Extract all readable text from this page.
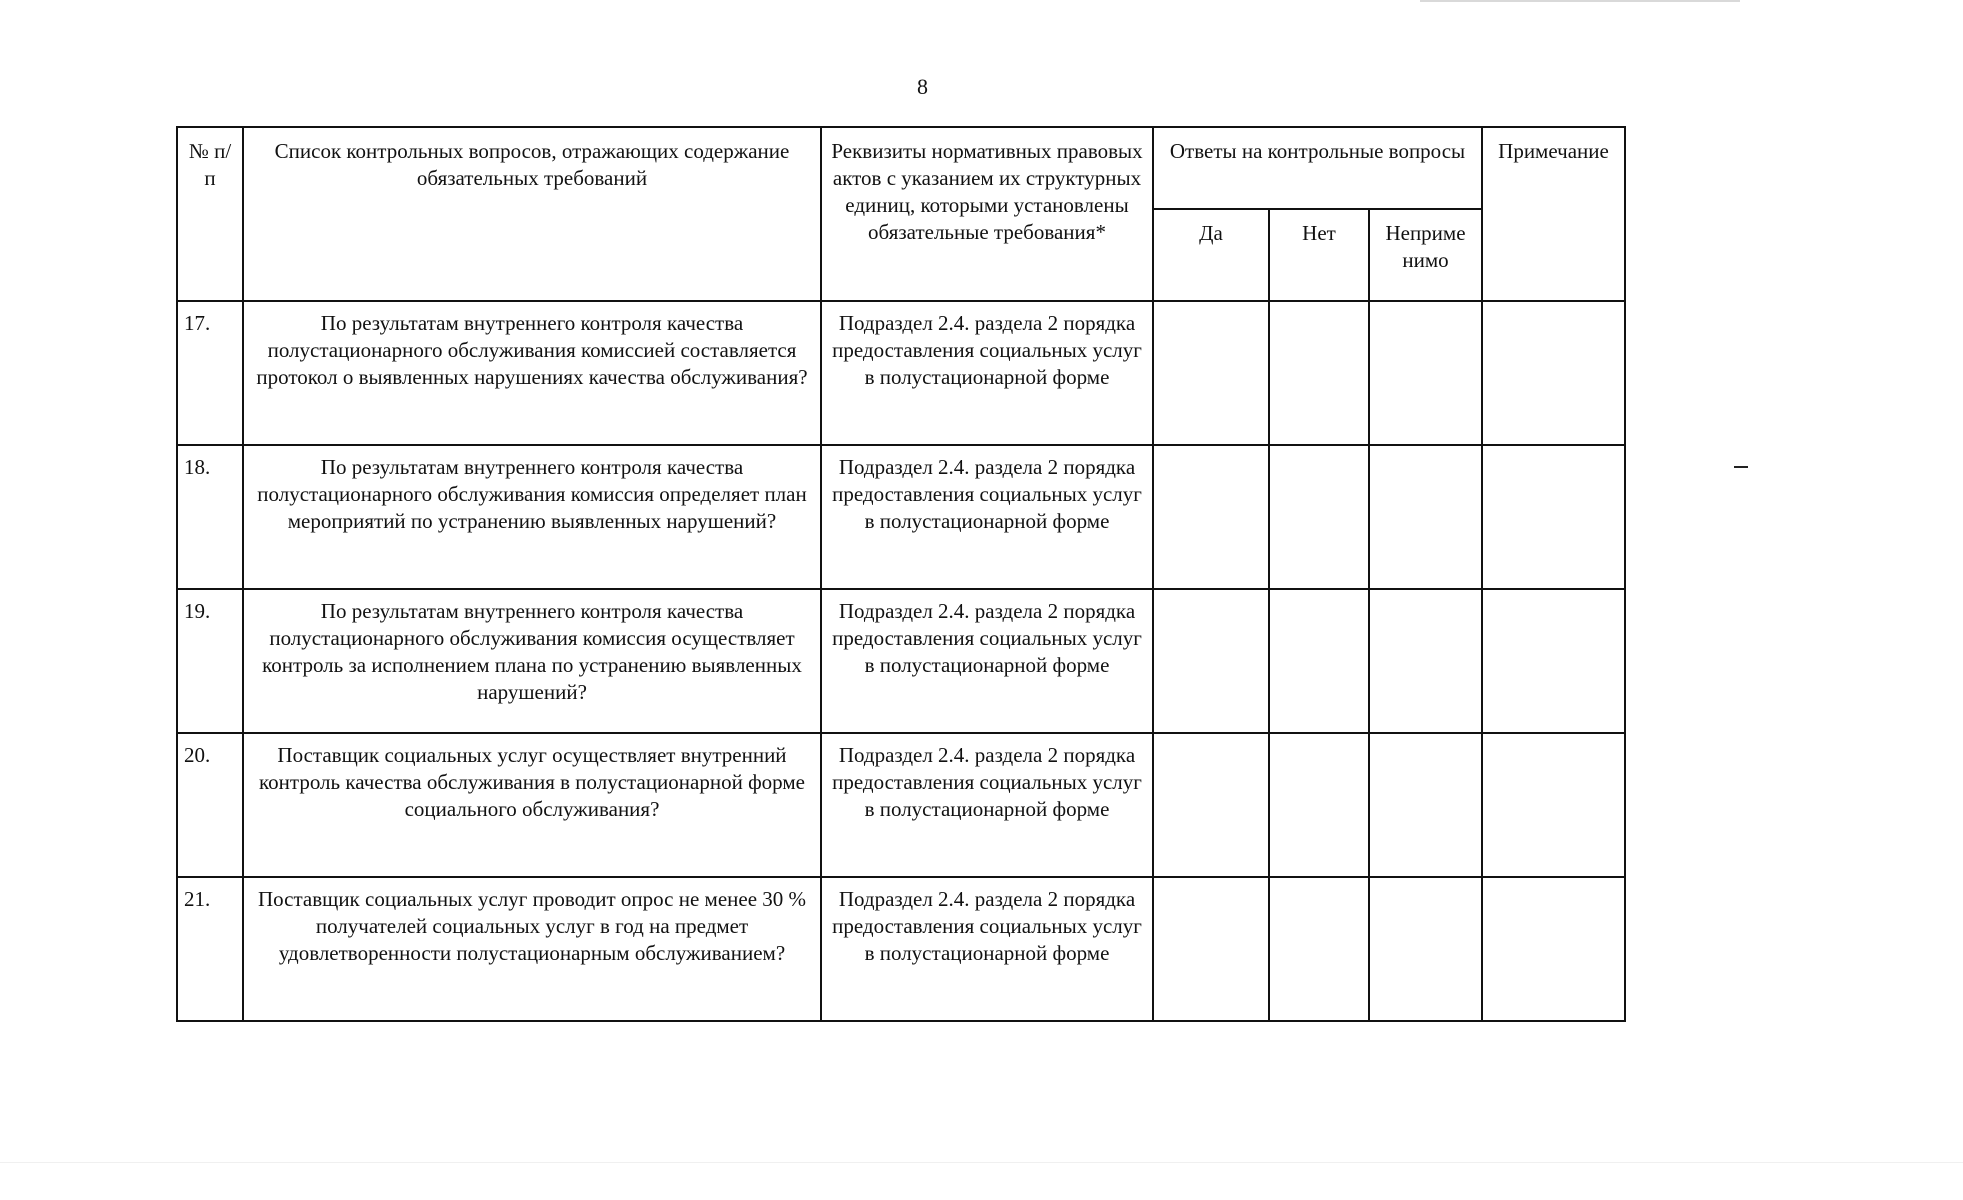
8
№ п/ п	Список контрольных вопросов, отражающих содержание обязательных требований	Реквизиты нормативных правовых актов с указанием их структурных единиц, которыми установлены обязательные требования*	Ответы на контрольные вопросы			Примечание
			Да	Нет	Неприме нимо	
17.	По результатам внутреннего контроля качества полустационарного обслуживания комиссией составляется протокол о выявленных нарушениях качества обслуживания?	Подраздел 2.4. раздела 2 порядка предоставления социальных услуг в полустационарной форме				
18.	По результатам внутреннего контроля качества полустационарного обслуживания комиссия определяет план мероприятий по устранению выявленных нарушений?	Подраздел 2.4. раздела 2 порядка предоставления социальных услуг в полустационарной форме				
19.	По результатам внутреннего контроля качества полустационарного обслуживания комиссия осуществляет контроль за исполнением плана по устранению выявленных нарушений?	Подраздел 2.4. раздела 2 порядка предоставления социальных услуг в полустационарной форме				
20.	Поставщик социальных услуг осуществляет внутренний контроль качества обслуживания в полустационарной форме социального обслуживания?	Подраздел 2.4. раздела 2 порядка предоставления социальных услуг в полустационарной форме				
21.	Поставщик социальных услуг проводит опрос не менее 30 % получателей социальных услуг в год на предмет удовлетворенности полустационарным обслуживанием?	Подраздел 2.4. раздела 2 порядка предоставления социальных услуг в полустационарной форме				
